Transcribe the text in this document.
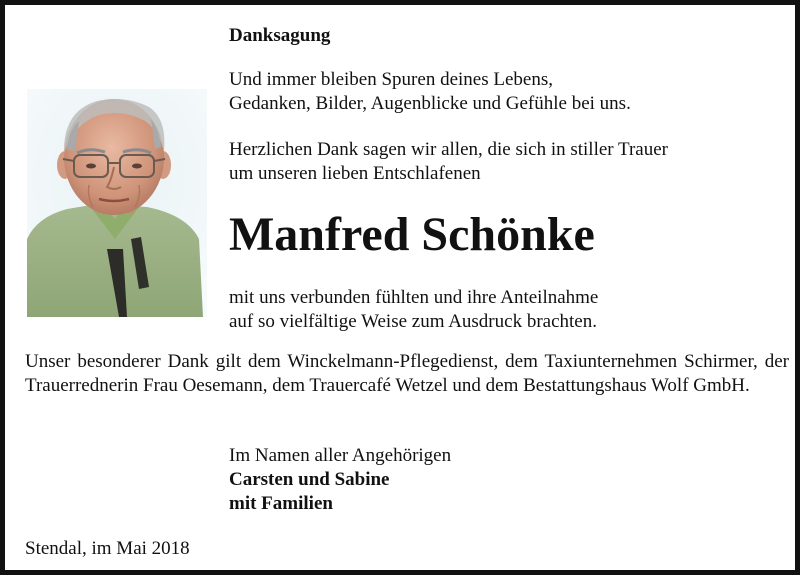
Danksagung
Und immer bleiben Spuren deines Lebens,
Gedanken, Bilder, Augenblicke und Gefühle bei uns.
Herzlichen Dank sagen wir allen, die sich in stiller Trauer
um unseren lieben Entschlafenen
Manfred Schönke
mit uns verbunden fühlten und ihre Anteilnahme
auf so vielfältige Weise zum Ausdruck brachten.
Unser besonderer Dank gilt dem Winckelmann-Pflegedienst, dem Taxiunternehmen Schirmer, der Trauerrednerin Frau Oesemann, dem Trauercafé Wetzel und dem Bestattungshaus Wolf GmbH.
Im Namen aller Angehörigen
Carsten und Sabine
mit Familien
Stendal, im Mai 2018
